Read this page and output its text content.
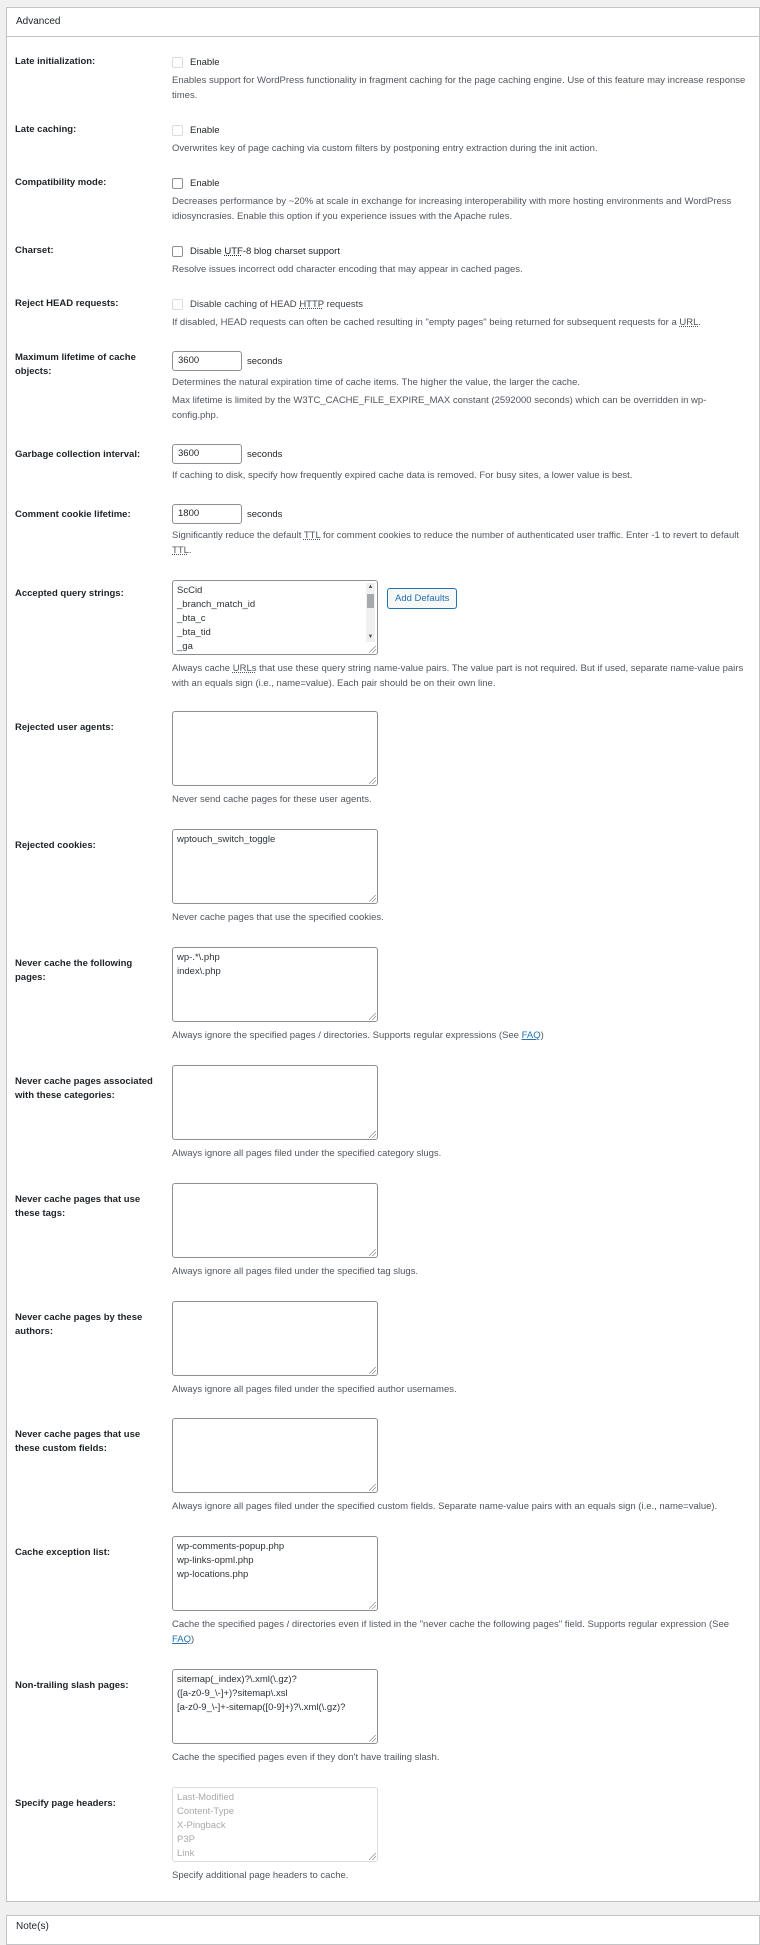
Advanced
Late initialization:	Enable

Enables support for WordPress functionality in fragment caching for the page caching engine. Use of this feature may increase response times.

Late caching:	Enable

Overwrites key of page caching via custom filters by postponing entry extraction during the init action.

Compatibility mode:	Enable

Decreases performance by ~20% at scale in exchange for increasing interoperability with more hosting environments and WordPress idiosyncrasies. Enable this option if you experience issues with the Apache rules.

Charset:	Disable UTF-8 blog charset support

Resolve issues incorrect odd character encoding that may appear in cached pages.

Reject HEAD requests:	Disable caching of HEAD HTTP requests

If disabled, HEAD requests can often be cached resulting in "empty pages" being returned for subsequent requests for a URL.

Maximum lifetime of cache objects:
3600	seconds

Determines the natural expiration time of cache items. The higher the value, the larger the cache.

Max lifetime is limited by the W3TC_CACHE_FILE_EXPIRE_MAX constant (2592000 seconds) which can be overridden in wp-config.php.

Garbage collection interval:	3600	seconds

If caching to disk, specify how frequently expired cache data is removed. For busy sites, a lower value is best.

Comment cookie lifetime:	1800	seconds

Significantly reduce the default TTL for comment cookies to reduce the number of authenticated user traffic. Enter -1 to revert to default TTL.

Accepted query strings:	ScCid
_branch_match_id
_bta_c
_bta_tid
_ga
▲
▼
Add Defaults

Always cache URLs that use these query string name-value pairs. The value part is not required. But if used, separate name-value pairs with an equals sign (i.e., name=value). Each pair should be on their own line.

Rejected user agents:

Never send cache pages for these user agents.

Rejected cookies:
wptouch_switch_toggle

Never cache pages that use the specified cookies.

Never cache the following pages:
wp-.*\.php
index\.php

Always ignore the specified pages / directories. Supports regular expressions (See FAQ)

Never cache pages associated with these categories:

Always ignore all pages filed under the specified category slugs.

Never cache pages that use these tags:

Always ignore all pages filed under the specified tag slugs.

Never cache pages by these authors:

Always ignore all pages filed under the specified author usernames.

Never cache pages that use these custom fields:

Always ignore all pages filed under the specified custom fields. Separate name-value pairs with an equals sign (i.e., name=value).

Cache exception list:
wp-comments-popup.php
wp-links-opml.php
wp-locations.php

Cache the specified pages / directories even if listed in the "never cache the following pages" field. Supports regular expression (See FAQ)

Non-trailing slash pages:
sitemap(_index)?\.xml(\.gz)?
([a-z0-9_\-]+)?sitemap\.xsl
[a-z0-9_\-]+-sitemap([0-9]+)?\.xml(\.gz)?

Cache the specified pages even if they don't have trailing slash.

Specify page headers:
Last-Modified
Content-Type
X-Pingback
P3P
Link

Specify additional page headers to cache.

Note(s)
